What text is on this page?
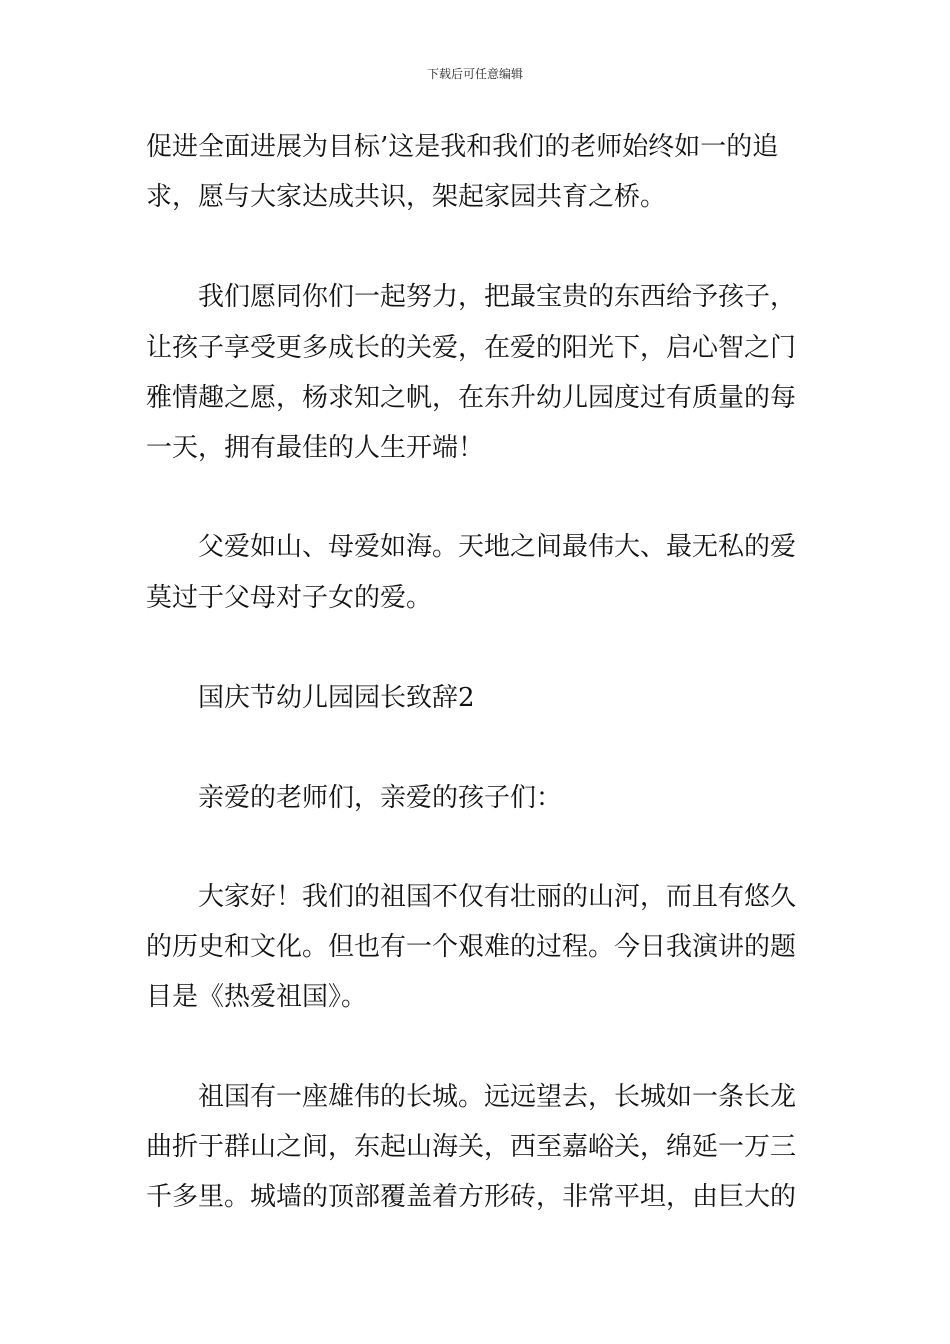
下载后可任意编辑
促进全面进展为目标’这是我和我们的老师始终如一的追
求，愿与大家达成共识，架起家园共育之桥。
我们愿同你们一起努力，把最宝贵的东西给予孩子，
让孩子享受更多成长的关爱，在爱的阳光下，启心智之门
雅情趣之愿，杨求知之帆，在东升幼儿园度过有质量的每
一天，拥有最佳的人生开端！
父爱如山、母爱如海。天地之间最伟大、最无私的爱
莫过于父母对子女的爱。
国庆节幼儿园园长致辞2
亲爱的老师们，亲爱的孩子们：
大家好！我们的祖国不仅有壮丽的山河，而且有悠久
的历史和文化。但也有一个艰难的过程。今日我演讲的题
目是《热爱祖国》。
祖国有一座雄伟的长城。远远望去，长城如一条长龙
曲折于群山之间，东起山海关，西至嘉峪关，绵延一万三
千多里。城墙的顶部覆盖着方形砖，非常平坦，由巨大的
